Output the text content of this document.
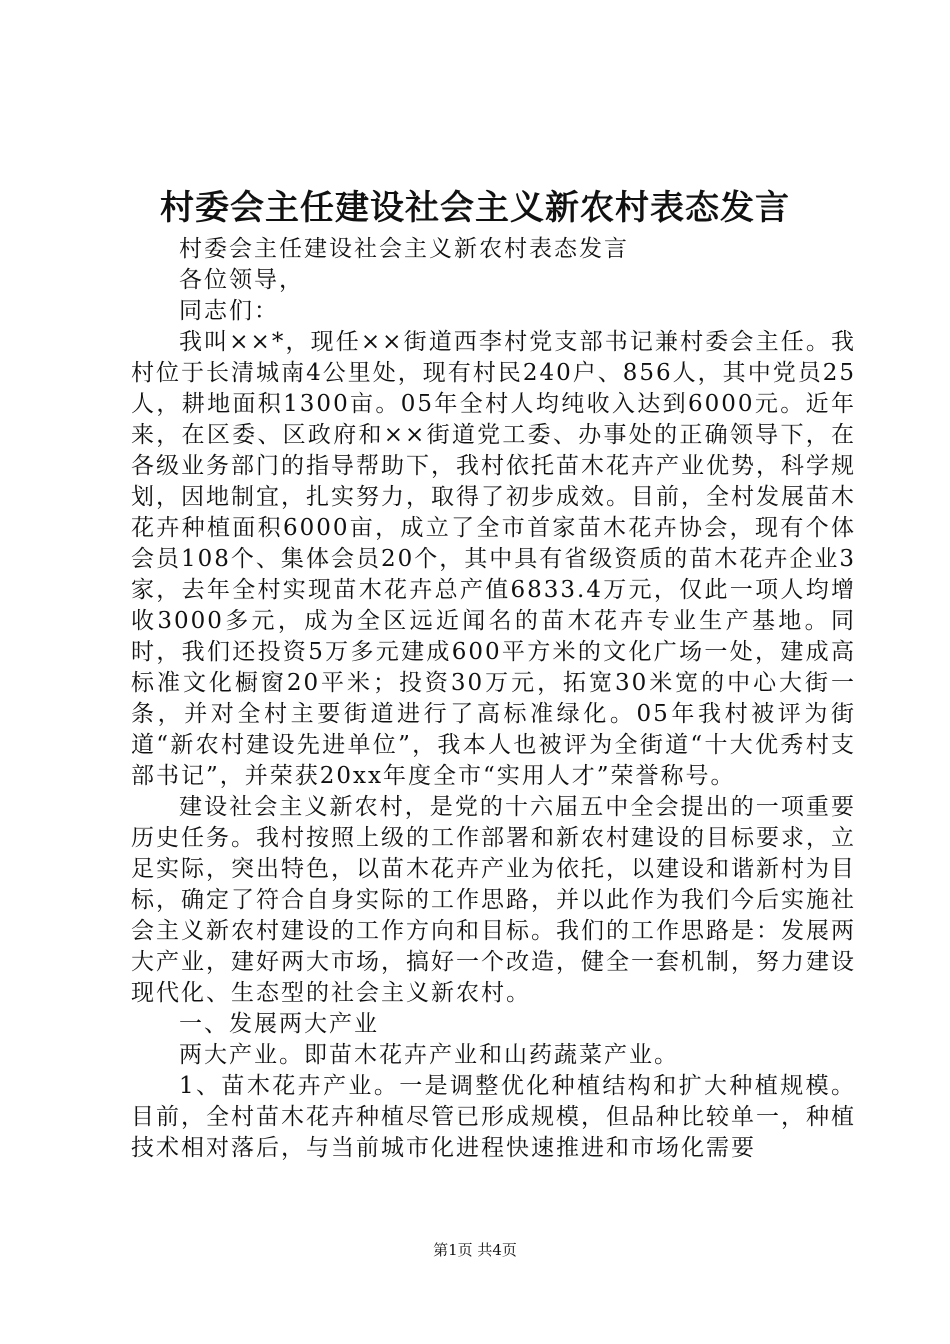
村委会主任建设社会主义新农村表态发言

村委会主任建设社会主义新农村表态发言

各位领导，

同志们：

我叫××*，现任××街道西李村党支部书记兼村委会主任。我村位于长清城南4公里处，现有村民240户、856人，其中党员25人，耕地面积1300亩。05年全村人均纯收入达到6000元。近年来，在区委、区政府和××街道党工委、办事处的正确领导下，在各级业务部门的指导帮助下，我村依托苗木花卉产业优势，科学规划，因地制宜，扎实努力，取得了初步成效。目前，全村发展苗木花卉种植面积6000亩，成立了全市首家苗木花卉协会，现有个体会员108个、集体会员20个，其中具有省级资质的苗木花卉企业3家，去年全村实现苗木花卉总产值6833.4万元，仅此一项人均增收3000多元，成为全区远近闻名的苗木花卉专业生产基地。同时，我们还投资5万多元建成600平方米的文化广场一处，建成高标准文化橱窗20平米；投资30万元，拓宽30米宽的中心大街一条，并对全村主要街道进行了高标准绿化。05年我村被评为街道“新农村建设先进单位”，我本人也被评为全街道“十大优秀村支部书记”，并荣获20xx年度全市“实用人才”荣誉称号。

建设社会主义新农村，是党的十六届五中全会提出的一项重要历史任务。我村按照上级的工作部署和新农村建设的目标要求，立足实际，突出特色，以苗木花卉产业为依托，以建设和谐新村为目标，确定了符合自身实际的工作思路，并以此作为我们今后实施社会主义新农村建设的工作方向和目标。我们的工作思路是：发展两大产业，建好两大市场，搞好一个改造，健全一套机制，努力建设现代化、生态型的社会主义新农村。

一、发展两大产业

两大产业。即苗木花卉产业和山药蔬菜产业。

1、苗木花卉产业。一是调整优化种植结构和扩大种植规模。目前，全村苗木花卉种植尽管已形成规模，但品种比较单一，种植技术相对落后，与当前城市化进程快速推进和市场化需要

第1页 共4页
